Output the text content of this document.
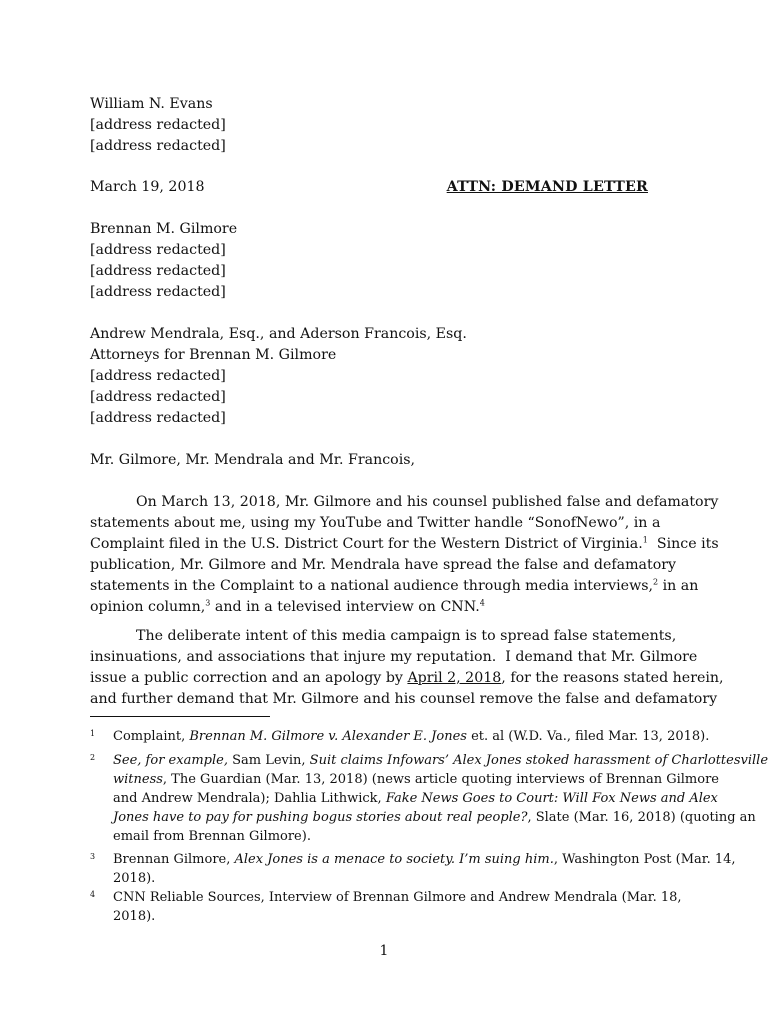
William N. Evans
[address redacted]
[address redacted]
March 19, 2018	ATTN: DEMAND LETTER
Brennan M. Gilmore
[address redacted]
[address redacted]
[address redacted]
Andrew Mendrala, Esq., and Aderson Francois, Esq.
Attorneys for Brennan M. Gilmore
[address redacted]
[address redacted]
[address redacted]
Mr. Gilmore, Mr. Mendrala and Mr. Francois,
On March 13, 2018, Mr. Gilmore and his counsel published false and defamatory
statements about me, using my YouTube and Twitter handle “SonofNewo”, in a
Complaint filed in the U.S. District Court for the Western District of Virginia.$^1$  Since its
publication, Mr. Gilmore and Mr. Mendrala have spread the false and defamatory
statements in the Complaint to a national audience through media interviews,$^2$ in an
opinion column,$^3$ and in a televised interview on CNN.$^4$
The deliberate intent of this media campaign is to spread false statements,
insinuations, and associations that injure my reputation.  I demand that Mr. Gilmore
issue a public correction and an apology by April 2, 2018, for the reasons stated herein,
and further demand that Mr. Gilmore and his counsel remove the false and defamatory
1 Complaint, Brennan M. Gilmore v. Alexander E. Jones et. al (W.D. Va., filed Mar. 13, 2018).
2 See, for example, Sam Levin, Suit claims Infowars’ Alex Jones stoked harassment of Charlottesville
witness, The Guardian (Mar. 13, 2018) (news article quoting interviews of Brennan Gilmore
and Andrew Mendrala); Dahlia Lithwick, Fake News Goes to Court: Will Fox News and Alex
Jones have to pay for pushing bogus stories about real people?, Slate (Mar. 16, 2018) (quoting an
email from Brennan Gilmore).
3 Brennan Gilmore, Alex Jones is a menace to society. I’m suing him., Washington Post (Mar. 14,
2018).
4 CNN Reliable Sources, Interview of Brennan Gilmore and Andrew Mendrala (Mar. 18,
2018).
1
